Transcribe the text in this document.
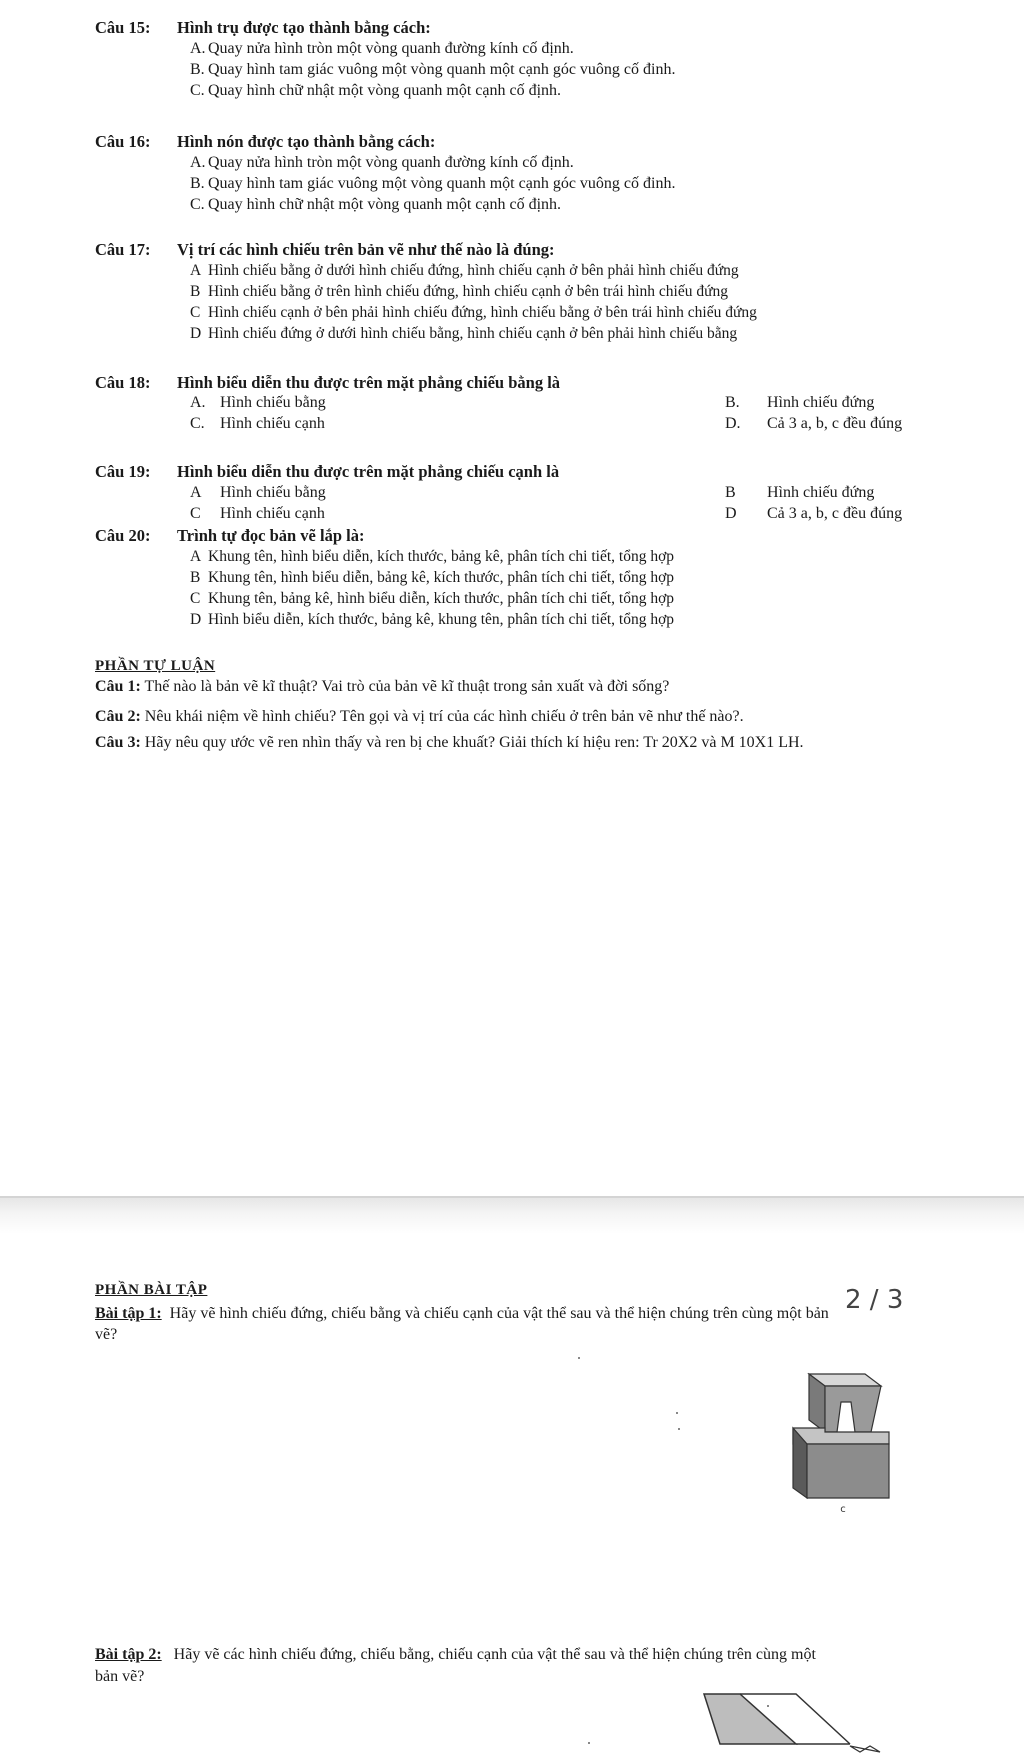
Câu 15: Hình trụ được tạo thành bằng cách:
A. Quay nửa hình tròn một vòng quanh đường kính cố định.
B. Quay hình tam giác vuông một vòng quanh một cạnh góc vuông cố đinh.
C. Quay hình chữ nhật một vòng quanh một cạnh cố định.
Câu 16: Hình nón được tạo thành bằng cách:
A. Quay nửa hình tròn một vòng quanh đường kính cố định.
B. Quay hình tam giác vuông một vòng quanh một cạnh góc vuông cố đinh.
C. Quay hình chữ nhật một vòng quanh một cạnh cố định.
Câu 17: Vị trí các hình chiếu trên bản vẽ như thế nào là đúng:
A Hình chiếu bằng ở dưới hình chiếu đứng, hình chiếu cạnh ở bên phải hình chiếu đứng
B Hình chiếu bằng ở trên hình chiếu đứng, hình chiếu cạnh ở bên trái hình chiếu đứng
C Hình chiếu cạnh ở bên phải hình chiếu đứng, hình chiếu bằng ở bên trái hình chiếu đứng
D Hình chiếu đứng ở dưới hình chiếu bằng, hình chiếu cạnh ở bên phải hình chiếu bằng
Câu 18: Hình biểu diễn thu được trên mặt phẳng chiếu bằng là
A. Hình chiếu bằng	B. Hình chiếu đứng
C. Hình chiếu cạnh	D. Cả 3 a, b, c đều đúng
Câu 19: Hình biểu diễn thu được trên mặt phẳng chiếu cạnh là
A Hình chiếu bằng	B Hình chiếu đứng
C Hình chiếu cạnh	D Cả 3 a, b, c đều đúng
Câu 20: Trình tự đọc bản vẽ lắp là:
A Khung tên, hình biểu diễn, kích thước, bảng kê, phân tích chi tiết, tổng hợp
B Khung tên, hình biểu diễn, bảng kê, kích thước, phân tích chi tiết, tổng hợp
C Khung tên, bảng kê, hình biểu diễn, kích thước, phân tích chi tiết, tổng hợp
D Hình biểu diễn, kích thước, bảng kê, khung tên, phân tích chi tiết, tổng hợp
PHẦN TỰ LUẬN
Câu 1: Thế nào là bản vẽ kĩ thuật? Vai trò của bản vẽ kĩ thuật trong sản xuất và đời sống?
Câu 2: Nêu khái niệm về hình chiếu? Tên gọi và vị trí của các hình chiếu ở trên bản vẽ như thế nào?.
Câu 3: Hãy nêu quy ước vẽ ren nhìn thấy và ren bị che khuất? Giải thích kí hiệu ren: Tr 20X2 và M 10X1 LH.
PHẦN BÀI TẬP	2 / 3
Bài tập 1: Hãy vẽ hình chiếu đứng, chiếu bằng và chiếu cạnh của vật thể sau và thể hiện chúng trên cùng một bản
vẽ?
c
Bài tập 2: Hãy vẽ các hình chiếu đứng, chiếu bằng, chiếu cạnh của vật thể sau và thể hiện chúng trên cùng một
bản vẽ?
